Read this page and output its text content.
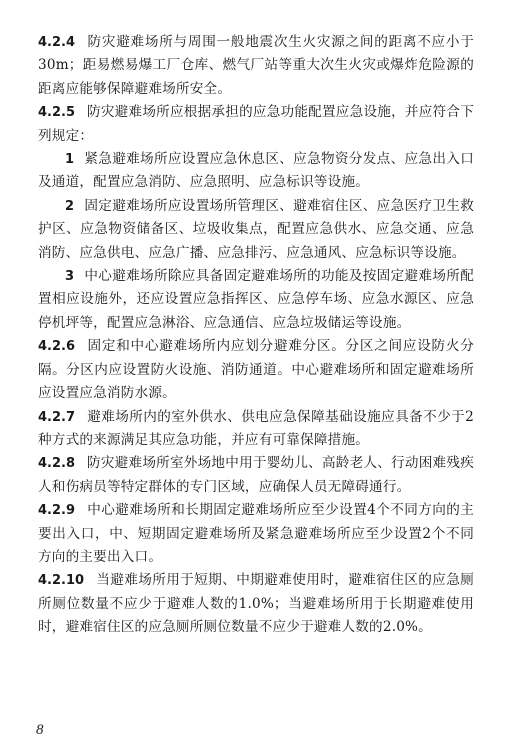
4.2.4 防灾避难场所与周围一般地震次生火灾源之间的距离不应小于30m；距易燃易爆工厂仓库、燃气厂站等重大次生火灾或爆炸危险源的距离应能够保障避难场所安全。

4.2.5 防灾避难场所应根据承担的应急功能配置应急设施，并应符合下列规定：

1 紧急避难场所应设置应急休息区、应急物资分发点、应急出入口及通道，配置应急消防、应急照明、应急标识等设施。

2 固定避难场所应设置场所管理区、避难宿住区、应急医疗卫生救护区、应急物资储备区、垃圾收集点，配置应急供水、应急交通、应急消防、应急供电、应急广播、应急排污、应急通风、应急标识等设施。

3 中心避难场所除应具备固定避难场所的功能及按固定避难场所配置相应设施外，还应设置应急指挥区、应急停车场、应急水源区、应急停机坪等，配置应急淋浴、应急通信、应急垃圾储运等设施。

4.2.6 固定和中心避难场所内应划分避难分区。分区之间应设防火分隔。分区内应设置防火设施、消防通道。中心避难场所和固定避难场所应设置应急消防水源。

4.2.7 避难场所内的室外供水、供电应急保障基础设施应具备不少于2种方式的来源满足其应急功能，并应有可靠保障措施。

4.2.8 防灾避难场所室外场地中用于婴幼儿、高龄老人、行动困难残疾人和伤病员等特定群体的专门区域，应确保人员无障碍通行。

4.2.9 中心避难场所和长期固定避难场所应至少设置4个不同方向的主要出入口，中、短期固定避难场所及紧急避难场所应至少设置2个不同方向的主要出入口。

4.2.10 当避难场所用于短期、中期避难使用时，避难宿住区的应急厕所厕位数量不应少于避难人数的1.0%；当避难场所用于长期避难使用时，避难宿住区的应急厕所厕位数量不应少于避难人数的2.0%。

8
